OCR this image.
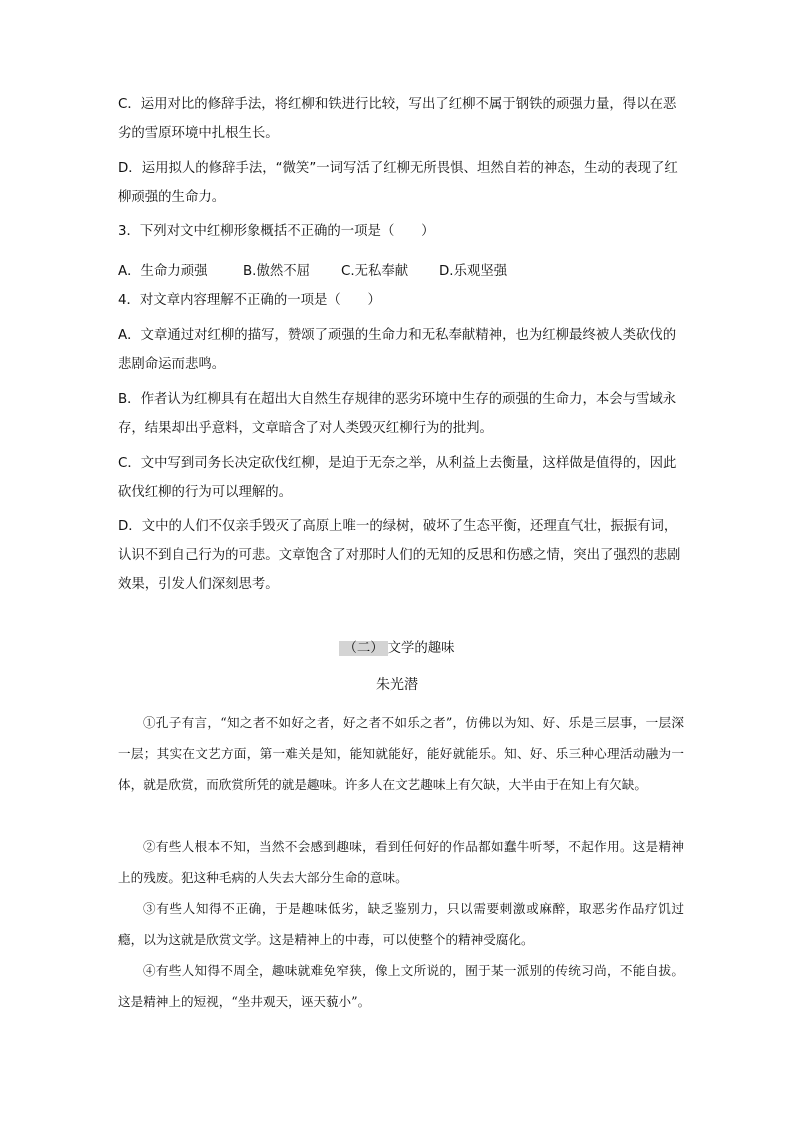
C．运用对比的修辞手法，将红柳和铁进行比较，写出了红柳不属于钢铁的顽强力量，得以在恶劣的雪原环境中扎根生长。

D．运用拟人的修辞手法，“微笑”一词写活了红柳无所畏惧、坦然自若的神态，生动的表现了红柳顽强的生命力。

3．下列对文中红柳形象概括不正确的一项是（　　）

A．生命力顽强	B.傲然不屈 C.无私奉献 D.乐观坚强

4．对文章内容理解不正确的一项是（　　）

A．文章通过对红柳的描写，赞颂了顽强的生命力和无私奉献精神，也为红柳最终被人类砍伐的悲剧命运而悲鸣。

B．作者认为红柳具有在超出大自然生存规律的恶劣环境中生存的顽强的生命力，本会与雪域永存，结果却出乎意料，文章暗含了对人类毁灭红柳行为的批判。

C．文中写到司务长决定砍伐红柳，是迫于无奈之举，从利益上去衡量，这样做是值得的，因此砍伐红柳的行为可以理解的。

D．文中的人们不仅亲手毁灭了高原上唯一的绿树，破坏了生态平衡，还理直气壮，振振有词，认识不到自己行为的可悲。文章饱含了对那时人们的无知的反思和伤感之情，突出了强烈的悲剧效果，引发人们深刻思考。

（二） 文学的趣味
朱光潜

①孔子有言，“知之者不如好之者，好之者不如乐之者”，仿佛以为知、好、乐是三层事，一层深一层；其实在文艺方面，第一难关是知，能知就能好，能好就能乐。知、好、乐三种心理活动融为一体，就是欣赏，而欣赏所凭的就是趣味。许多人在文艺趣味上有欠缺，大半由于在知上有欠缺。

②有些人根本不知，当然不会感到趣味，看到任何好的作品都如蠢牛听琴，不起作用。这是精神上的残废。犯这种毛病的人失去大部分生命的意味。

③有些人知得不正确，于是趣味低劣，缺乏鉴别力，只以需要刺激或麻醉，取恶劣作品疗饥过瘾，以为这就是欣赏文学。这是精神上的中毒，可以使整个的精神受腐化。

④有些人知得不周全，趣味就难免窄狭，像上文所说的，囿于某一派别的传统习尚，不能自拔。这是精神上的短视，“坐井观天，诬天藐小”。
